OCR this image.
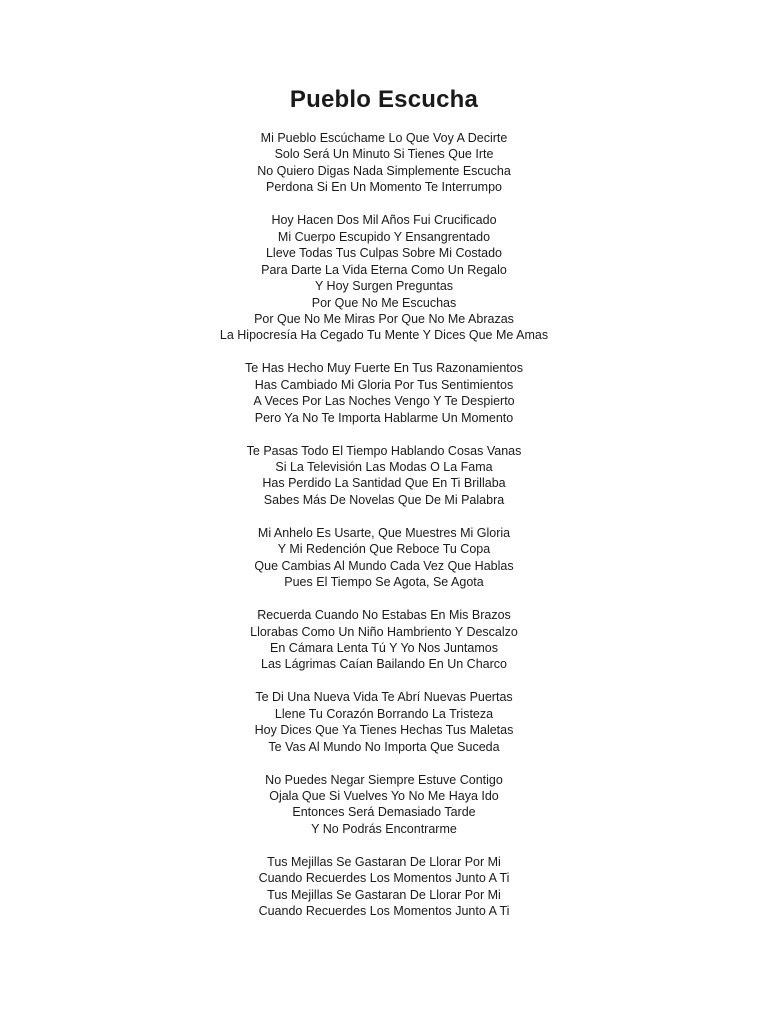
Pueblo Escucha
Mi Pueblo Escúchame Lo Que Voy A Decirte
Solo Será Un Minuto Si Tienes Que Irte
No Quiero Digas Nada Simplemente Escucha
Perdona Si En Un Momento Te Interrumpo
Hoy Hacen Dos Mil Años Fui Crucificado
Mi Cuerpo Escupido Y Ensangrentado
Lleve Todas Tus Culpas Sobre Mi Costado
Para Darte La Vida Eterna Como Un Regalo
Y Hoy Surgen Preguntas
Por Que No Me Escuchas
Por Que No Me Miras Por Que No Me Abrazas
La Hipocresía Ha Cegado Tu Mente Y Dices Que Me Amas
Te Has Hecho Muy Fuerte En Tus Razonamientos
Has Cambiado Mi Gloria Por Tus Sentimientos
A Veces Por Las Noches Vengo Y Te Despierto
Pero Ya No Te Importa Hablarme Un Momento
Te Pasas Todo El Tiempo Hablando Cosas Vanas
Si La Televisión Las Modas O La Fama
Has Perdido La Santidad Que En Ti Brillaba
Sabes Más De Novelas Que De Mi Palabra
Mi Anhelo Es Usarte, Que Muestres Mi Gloria
Y Mi Redención Que Reboce Tu Copa
Que Cambias Al Mundo Cada Vez Que Hablas
Pues El Tiempo Se Agota, Se Agota
Recuerda Cuando No Estabas En Mis Brazos
Llorabas Como Un Niño Hambriento Y Descalzo
En Cámara Lenta Tú Y Yo Nos Juntamos
Las Lágrimas Caían Bailando En Un Charco
Te Di Una Nueva Vida Te Abrí Nuevas Puertas
Llene Tu Corazón Borrando La Tristeza
Hoy Dices Que Ya Tienes Hechas Tus Maletas
Te Vas Al Mundo No Importa Que Suceda
No Puedes Negar Siempre Estuve Contigo
Ojala Que Si Vuelves Yo No Me Haya Ido
Entonces Será Demasiado Tarde
Y No Podrás Encontrarme
Tus Mejillas Se Gastaran De Llorar Por Mi
Cuando Recuerdes Los Momentos Junto A Ti
Tus Mejillas Se Gastaran De Llorar Por Mi
Cuando Recuerdes Los Momentos Junto A Ti
